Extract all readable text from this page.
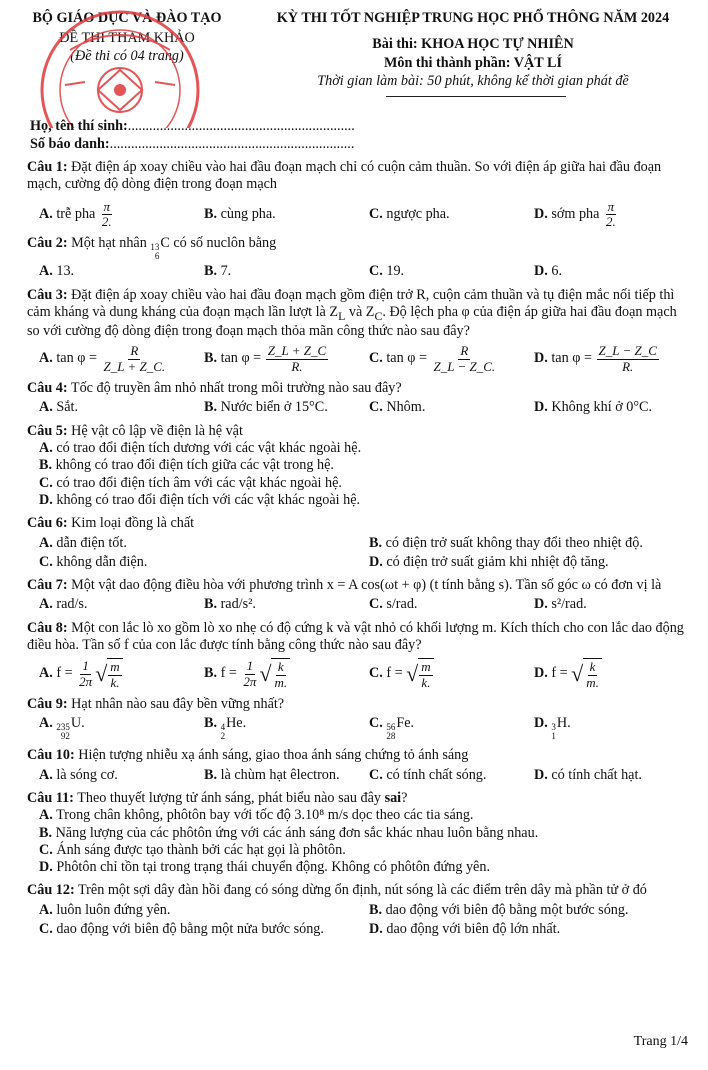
BỘ GIÁO DỤC VÀ ĐÀO TẠO
ĐỀ THI THAM KHẢO
(Đề thi có 04 trang)
KỲ THI TỐT NGHIỆP TRUNG HỌC PHỔ THÔNG NĂM 2024
Bài thi: KHOA HỌC TỰ NHIÊN
Môn thi thành phần: VẬT LÍ
Thời gian làm bài: 50 phút, không kể thời gian phát đề
Họ, tên thí sinh:................................................................
Số báo danh:.....................................................................

Câu 1: Đặt điện áp xoay chiều vào hai đầu đoạn mạch chỉ có cuộn cảm thuần. So với điện áp giữa hai đầu đoạn mạch, cường độ dòng điện trong đoạn mạch

A. trễ pha $\frac{\pi}{2.}$	B. cùng pha.	C. ngược pha.	D. sớm pha $\frac{\pi}{2.}$

Câu 2: Một hạt nhân 13
6
C có số nuclôn bằng

A. 13.	B. 7.	C. 19.	D. 6.

Câu 3: Đặt điện áp xoay chiều vào hai đầu đoạn mạch gồm điện trở R, cuộn cảm thuần và tụ điện mắc nối tiếp thì cảm kháng và dung kháng của đoạn mạch lần lượt là $Z_L$ và $Z_C$. Độ lệch pha φ của điện áp giữa hai đầu đoạn mạch so với cường độ dòng điện trong đoạn mạch thỏa mãn công thức nào sau đây?

A. $\tan \varphi = \frac{R}{Z\_L + Z\_C.}$	B. $\tan \varphi = \frac{Z\_L + Z\_C}{R.}$	C. $\tan \varphi = \frac{R}{Z\_L - Z\_C.}$	D. $\tan \varphi = \frac{Z\_L - Z\_C}{R.}$

Câu 4: Tốc độ truyền âm nhỏ nhất trong môi trường nào sau đây?

A. Sắt.	B. Nước biển ở 15°C.	C. Nhôm.	D. Không khí ở 0°C.

Câu 5: Hệ vật cô lập về điện là hệ vật

A. có trao đổi điện tích dương với các vật khác ngoài hệ.
B. không có trao đổi điện tích giữa các vật trong hệ.
C. có trao đổi điện tích âm với các vật khác ngoài hệ.
D. không có trao đổi điện tích với các vật khác ngoài hệ.

Câu 6: Kim loại đồng là chất

A. dẫn điện tốt.	B. có điện trở suất không thay đổi theo nhiệt độ.
C. không dẫn điện.	D. có điện trở suất giảm khi nhiệt độ tăng.

Câu 7: Một vật dao động điều hòa với phương trình x = A cos(ωt + φ) (t tính bằng s). Tần số góc ω có đơn vị là

A. rad/s.	B. rad/s².	C. s/rad.	D. s²/rad.

Câu 8: Một con lắc lò xo gồm lò xo nhẹ có độ cứng k và vật nhỏ có khối lượng m. Kích thích cho con lắc dao động điều hòa. Tần số f của con lắc được tính bằng công thức nào sau đây?

A. $f = \frac{1}{2\pi}$ √ $\frac{m}{k.}$	B. $f = \frac{1}{2\pi}$ √ $\frac{k}{m.}$	C. f = √ $\frac{m}{k.}$	D. f = √ $\frac{k}{m.}$

Câu 9: Hạt nhân nào sau đây bền vững nhất?

A. 235
92
U.	B. 4
2
He.	C. 56
28
Fe.	D. 3
1
H.

Câu 10: Hiện tượng nhiễu xạ ánh sáng, giao thoa ánh sáng chứng tỏ ánh sáng

A. là sóng cơ.	B. là chùm hạt êlectron.	C. có tính chất sóng.	D. có tính chất hạt.

Câu 11: Theo thuyết lượng tử ánh sáng, phát biểu nào sau đây sai?

A. Trong chân không, phôtôn bay với tốc độ 3.10⁸ m/s dọc theo các tia sáng.
B. Năng lượng của các phôtôn ứng với các ánh sáng đơn sắc khác nhau luôn bằng nhau.
C. Ánh sáng được tạo thành bởi các hạt gọi là phôtôn.
D. Phôtôn chỉ tồn tại trong trạng thái chuyển động. Không có phôtôn đứng yên.

Câu 12: Trên một sợi dây đàn hồi đang có sóng dừng ổn định, nút sóng là các điểm trên dây mà phần tử ở đó

A. luôn luôn đứng yên.	B. dao động với biên độ bằng một bước sóng.
C. dao động với biên độ bằng một nửa bước sóng.	D. dao động với biên độ lớn nhất.
Trang 1/4
